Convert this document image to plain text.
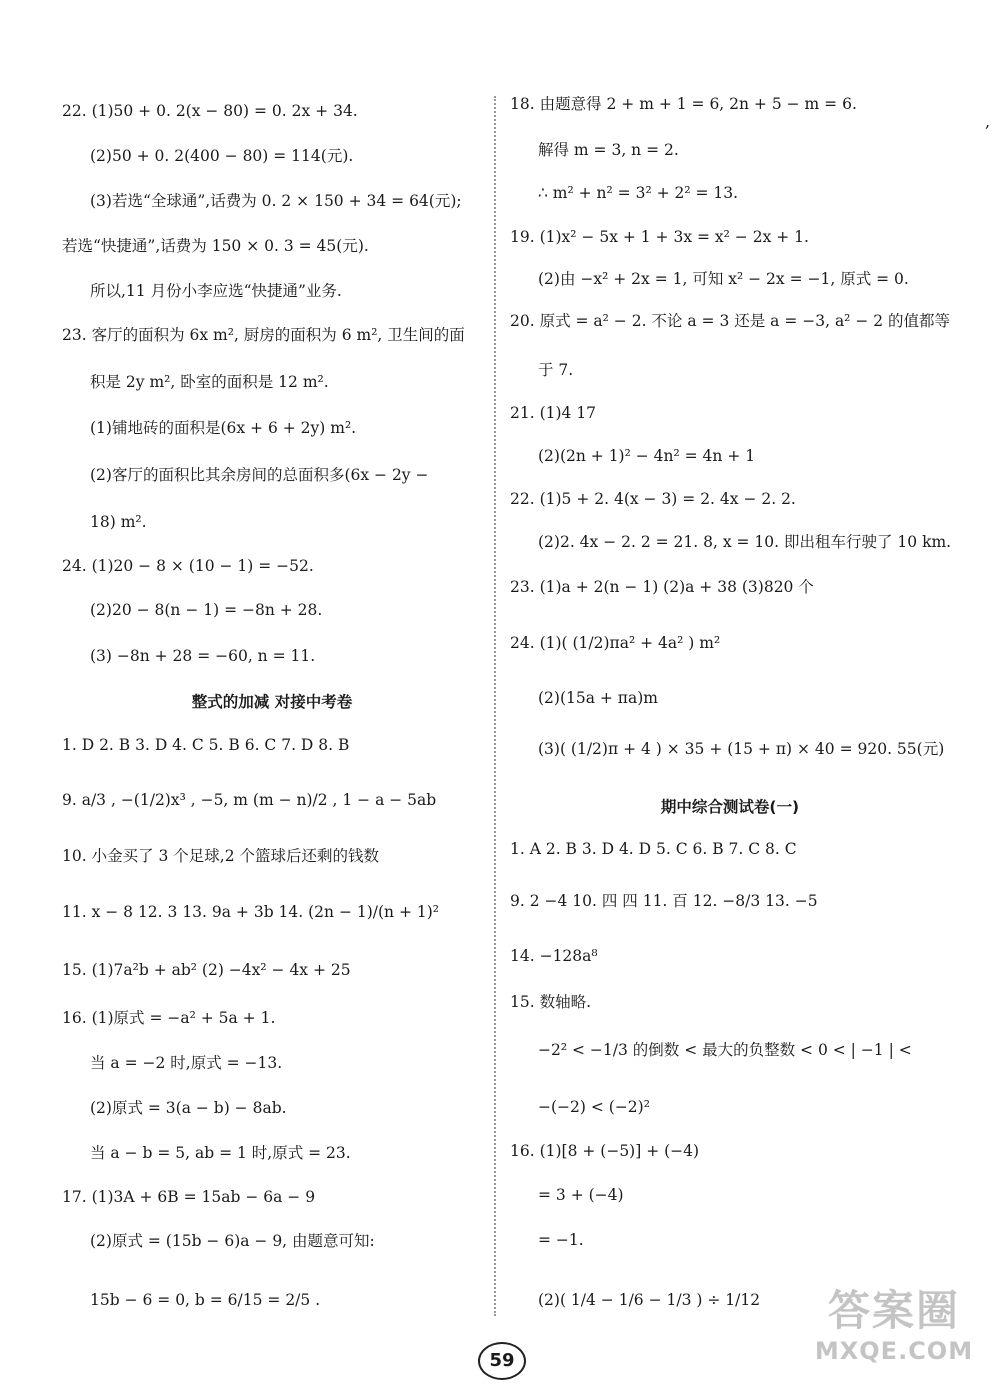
22. (1)50 + 0. 2(x − 80) = 0. 2x + 34.
(2)50 + 0. 2(400 − 80) = 114(元).
(3)若选“全球通”,话费为 0. 2 × 150 + 34 = 64(元);
若选“快捷通”,话费为 150 × 0. 3 = 45(元).
所以,11 月份小李应选“快捷通”业务.
23. 客厅的面积为 6x m², 厨房的面积为 6 m², 卫生间的面
积是 2y m², 卧室的面积是 12 m².
(1)铺地砖的面积是(6x + 6 + 2y) m².
(2)客厅的面积比其余房间的总面积多(6x − 2y −
18) m².
24. (1)20 − 8 × (10 − 1) = −52.
(2)20 − 8(n − 1) = −8n + 28.
(3) −8n + 28 = −60, n = 11.
整式的加减 对接中考卷
1. D 2. B 3. D 4. C 5. B 6. C 7. D 8. B
9. a/3 , −(1/2)x³ , −5, m (m − n)/2 , 1 − a − 5ab
10. 小金买了 3 个足球,2 个篮球后还剩的钱数
11. x − 8 12. 3 13. 9a + 3b 14. (2n − 1)/(n + 1)²
15. (1)7a²b + ab² (2) −4x² − 4x + 25
16. (1)原式 = −a² + 5a + 1.
当 a = −2 时,原式 = −13.
(2)原式 = 3(a − b) − 8ab.
当 a − b = 5, ab = 1 时,原式 = 23.
17. (1)3A + 6B = 15ab − 6a − 9
(2)原式 = (15b − 6)a − 9, 由题意可知:
15b − 6 = 0, b = 6/15 = 2/5 .
18. 由题意得 2 + m + 1 = 6, 2n + 5 − m = 6.
解得 m = 3, n = 2.
∴ m² + n² = 3² + 2² = 13.
19. (1)x² − 5x + 1 + 3x = x² − 2x + 1.
(2)由 −x² + 2x = 1, 可知 x² − 2x = −1, 原式 = 0.
20. 原式 = a² − 2. 不论 a = 3 还是 a = −3, a² − 2 的值都等
于 7.
21. (1)4 17
(2)(2n + 1)² − 4n² = 4n + 1
22. (1)5 + 2. 4(x − 3) = 2. 4x − 2. 2.
(2)2. 4x − 2. 2 = 21. 8, x = 10. 即出租车行驶了 10 km.
23. (1)a + 2(n − 1) (2)a + 38 (3)820 个
24. (1)( (1/2)πa² + 4a² ) m²
(2)(15a + πa)m
(3)( (1/2)π + 4 ) × 35 + (15 + π) × 40 = 920. 55(元)
期中综合测试卷(一)
1. A 2. B 3. D 4. D 5. C 6. B 7. C 8. C
9. 2 −4 10. 四 四 11. 百 12. −8/3 13. −5
14. −128a⁸
15. 数轴略.
−2² < −1/3 的倒数 < 最大的负整数 < 0 < | −1 | <
−(−2) < (−2)²
16. (1)[8 + (−5)] + (−4)
= 3 + (−4)
= −1.
(2)( 1/4 − 1/6 − 1/3 ) ÷ 1/12
,
59
答案圈
MXQE.COM
